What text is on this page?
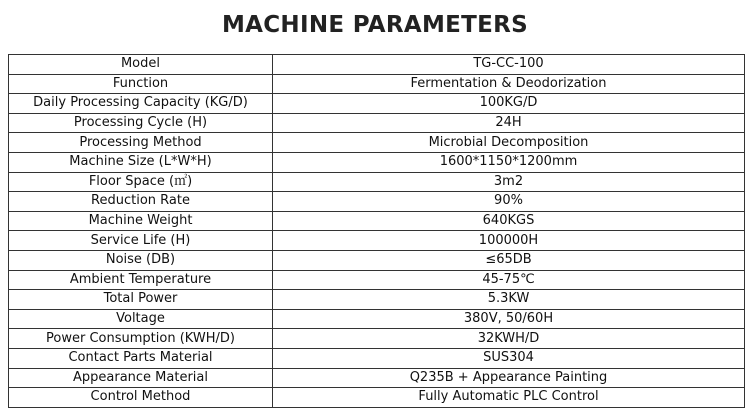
MACHINE PARAMETERS
Model	TG-CC-100
Function	Fermentation & Deodorization
Daily Processing Capacity (KG/D)	100KG/D
Processing Cycle (H)	24H
Processing Method	Microbial Decomposition
Machine Size (L*W*H)	1600*1150*1200mm
Floor Space (㎡)	3m2
Reduction Rate	90%
Machine Weight	640KGS
Service Life (H)	100000H
Noise (DB)	≤65DB
Ambient Temperature	45-75℃
Total Power	5.3KW
Voltage	380V, 50/60H
Power Consumption (KWH/D)	32KWH/D
Contact Parts Material	SUS304
Appearance Material	Q235B + Appearance Painting
Control Method	Fully Automatic PLC Control
